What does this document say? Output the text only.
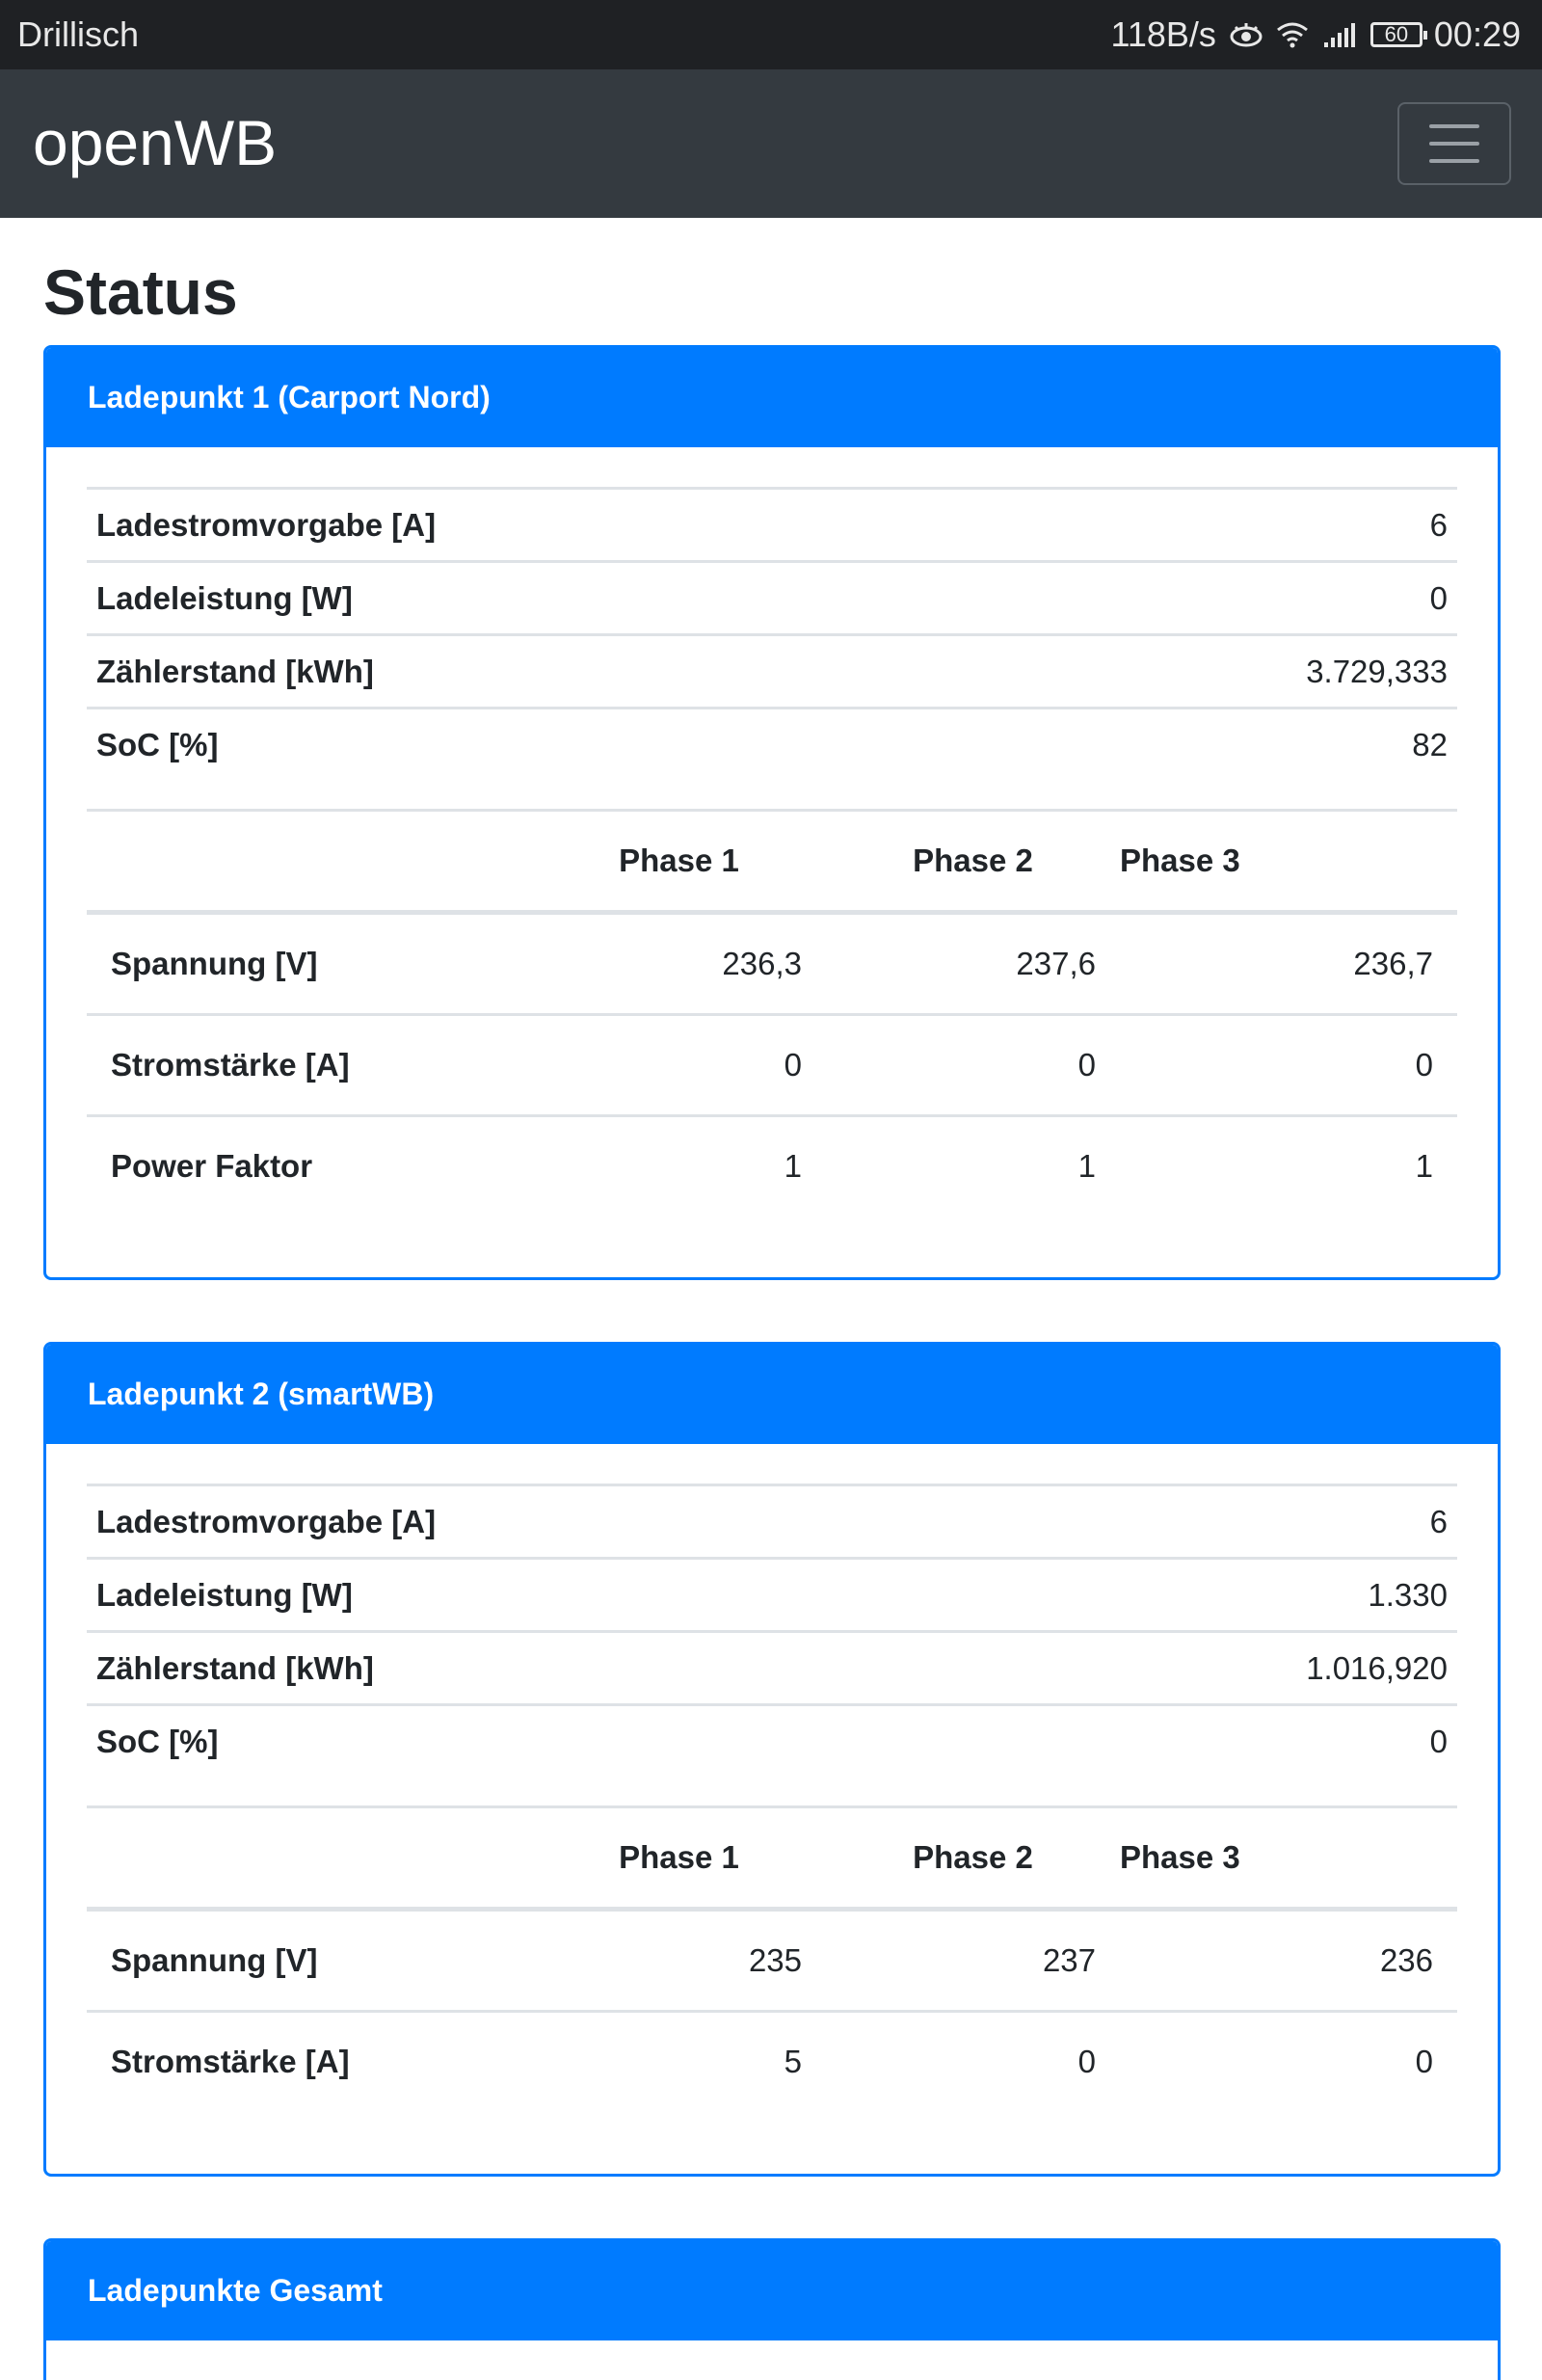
Drillisch	118B/s	60 00:29
openWB
Status
Ladepunkt 1 (Carport Nord)
Ladestromvorgabe [A]	6
Ladeleistung [W]	0
Zählerstand [kWh]	3.729,333
SoC [%]	82
	Phase 1	Phase 2	Phase 3
Spannung [V]	236,3	237,6	236,7
Stromstärke [A]	0	0	0
Power Faktor	1	1	1
Ladepunkt 2 (smartWB)
Ladestromvorgabe [A]	6
Ladeleistung [W]	1.330
Zählerstand [kWh]	1.016,920
SoC [%]	0
	Phase 1	Phase 2	Phase 3
Spannung [V]	235	237	236
Stromstärke [A]	5	0	0
Ladepunkte Gesamt
